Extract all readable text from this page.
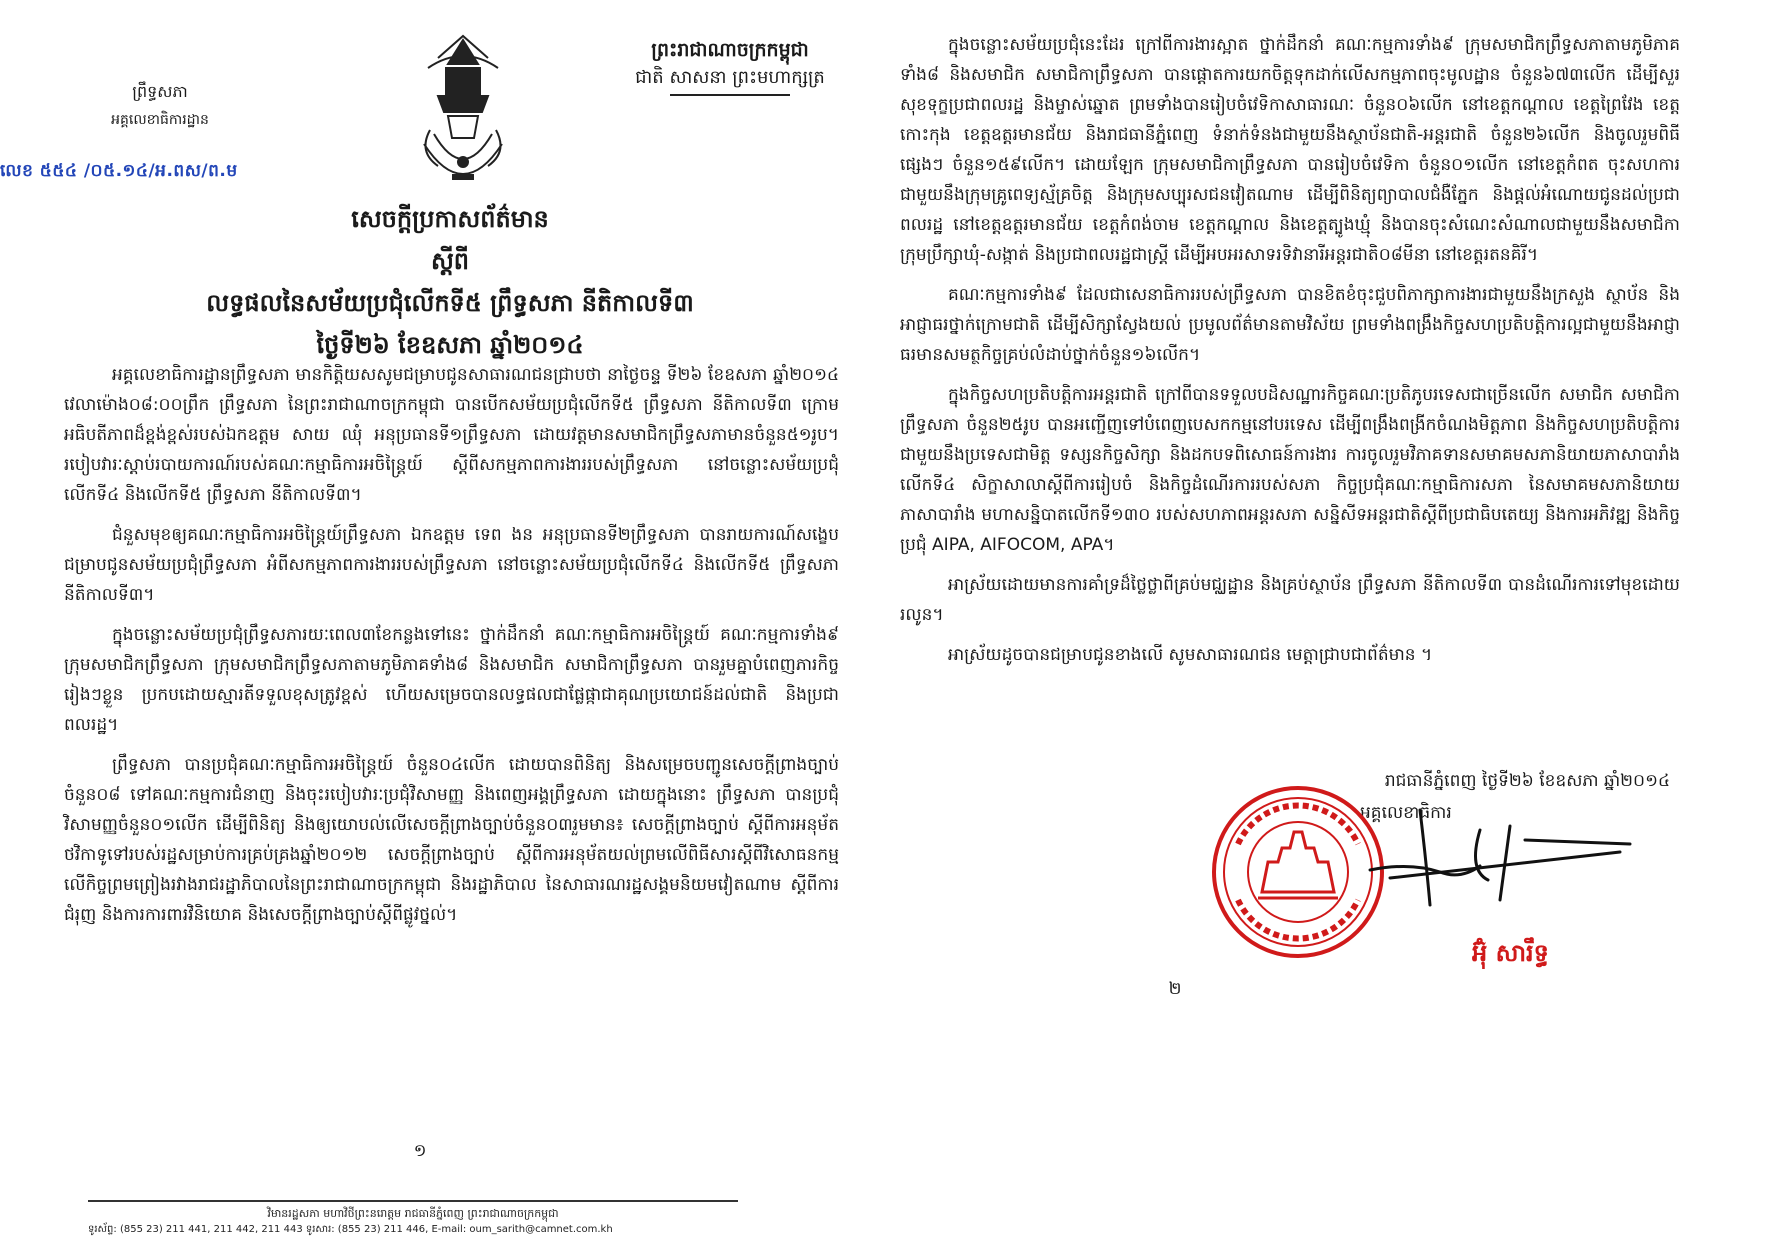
ព្រះរាជាណាចក្រកម្ពុជា
ជាតិ សាសនា ព្រះមហាក្សត្រ
ព្រឹទ្ធសភា
អគ្គលេខាធិការដ្ឋាន
លេខ ៥៥៤ /០៥.១៤/អ.ពស/ព.ម
សេចក្តីប្រកាសព័ត៌មាន
ស្តីពី
លទ្ធផលនៃសម័យប្រជុំលើកទី៥ ព្រឹទ្ធសភា នីតិកាលទី៣
ថ្ងៃទី២៦ ខែឧសភា ឆ្នាំ២០១៤

អគ្គលេខាធិការដ្ឋានព្រឹទ្ធសភា មានកិត្តិយសសូមជម្រាបជូនសាធារណជនជ្រាបថា នាថ្ងៃចន្ទ ទី២៦ ខែឧសភា ឆ្នាំ២០១៤ វេលាម៉ោង០៨:០០ព្រឹក ព្រឹទ្ធសភា នៃព្រះរាជាណាចក្រកម្ពុជា បានបើកសម័យប្រជុំលើកទី៥ ព្រឹទ្ធសភា នីតិកាលទី៣ ក្រោមអធិបតីភាពដ៏ខ្ពង់ខ្ពស់របស់ឯកឧត្តម សាយ ឈុំ អនុប្រធានទី១ព្រឹទ្ធសភា ដោយវត្តមានសមាជិកព្រឹទ្ធសភាមានចំនួន៥១រូប។ របៀបវារៈស្តាប់របាយការណ៍របស់គណៈកម្មាធិការអចិន្ត្រៃយ៍ ស្តីពីសកម្មភាពការងាររបស់ព្រឹទ្ធសភា នៅចន្លោះសម័យប្រជុំលើកទី៤ និងលើកទី៥ ព្រឹទ្ធសភា នីតិកាលទី៣។

ជំនួសមុខឲ្យគណៈកម្មាធិការអចិន្ត្រៃយ៍ព្រឹទ្ធសភា ឯកឧត្តម ទេព ងន អនុប្រធានទី២ព្រឹទ្ធសភា បានរាយការណ៍សង្ខេបជម្រាបជូនសម័យប្រជុំព្រឹទ្ធសភា អំពីសកម្មភាពការងាររបស់ព្រឹទ្ធសភា នៅចន្លោះសម័យប្រជុំលើកទី៤ និងលើកទី៥ ព្រឹទ្ធសភា នីតិកាលទី៣។

ក្នុងចន្លោះសម័យប្រជុំព្រឹទ្ធសភារយៈពេល៣ខែកន្លងទៅនេះ ថ្នាក់ដឹកនាំ គណៈកម្មាធិការអចិន្ត្រៃយ៍ គណៈកម្មការទាំង៩ ក្រុមសមាជិកព្រឹទ្ធសភា ក្រុមសមាជិកព្រឹទ្ធសភាតាមភូមិភាគទាំង៨ និងសមាជិក សមាជិកាព្រឹទ្ធសភា បានរួមគ្នាបំពេញភារកិច្ចរៀងៗខ្លួន ប្រកបដោយស្មារតីទទួលខុសត្រូវខ្ពស់ ហើយសម្រេចបានលទ្ធផលជាផ្លែផ្កាជាគុណប្រយោជន៍ដល់ជាតិ និងប្រជាពលរដ្ឋ។

ព្រឹទ្ធសភា បានប្រជុំគណៈកម្មាធិការអចិន្ត្រៃយ៍ ចំនួន០៤លើក ដោយបានពិនិត្យ និងសម្រេចបញ្ជូនសេចក្តីព្រាងច្បាប់ចំនួន០៨ ទៅគណៈកម្មការជំនាញ និងចុះរបៀបវារៈប្រជុំវិសាមញ្ញ និងពេញអង្គព្រឹទ្ធសភា ដោយក្នុងនោះ ព្រឹទ្ធសភា បានប្រជុំវិសាមញ្ញចំនួន០១លើក ដើម្បីពិនិត្យ និងឲ្យយោបល់លើសេចក្តីព្រាងច្បាប់ចំនួន០៣រួមមាន៖ សេចក្តីព្រាងច្បាប់ ស្តីពីការអនុម័តថវិកាទូទៅរបស់រដ្ឋសម្រាប់ការគ្រប់គ្រងឆ្នាំ២០១២ សេចក្តីព្រាងច្បាប់ ស្តីពីការអនុម័តយល់ព្រមលើពិធីសារស្តីពីវិសោធនកម្មលើកិច្ចព្រមព្រៀងរវាងរាជរដ្ឋាភិបាលនៃព្រះរាជាណាចក្រកម្ពុជា និងរដ្ឋាភិបាល នៃសាធារណរដ្ឋសង្គមនិយមវៀតណាម ស្តីពីការជំរុញ និងការការពារវិនិយោគ និងសេចក្តីព្រាងច្បាប់ស្តីពីផ្លូវថ្នល់។

១
វិមានរដ្ឋសភា មហាវិថីព្រះនរោត្តម រាជធានីភ្នំពេញ ព្រះរាជាណាចក្រកម្ពុជា
ទូរស័ព្ទ: (855 23) 211 441, 211 442, 211 443 ទូរសារ: (855 23) 211 446, E-mail: oum_sarith@camnet.com.kh

ក្នុងចន្លោះសម័យប្រជុំនេះដែរ ក្រៅពីការងារស្អាត ថ្នាក់ដឹកនាំ គណៈកម្មការទាំង៩ ក្រុមសមាជិកព្រឹទ្ធសភាតាមភូមិភាគទាំង៨ និងសមាជិក សមាជិកាព្រឹទ្ធសភា បានផ្តោតការយកចិត្តទុកដាក់លើសកម្មភាពចុះមូលដ្ឋាន ចំនួន៦៧៣លើក ដើម្បីសួរសុខទុក្ខប្រជាពលរដ្ឋ និងម្ចាស់ឆ្នោត ព្រមទាំងបានរៀបចំវេទិកាសាធារណៈ ចំនួន០៦លើក នៅខេត្តកណ្តាល ខេត្តព្រៃវែង ខេត្តកោះកុង ខេត្តឧត្តរមានជ័យ និងរាជធានីភ្នំពេញ ទំនាក់ទំនងជាមួយនឹងស្ថាប័នជាតិ-អន្តរជាតិ ចំនួន២៦លើក និងចូលរួមពិធីផ្សេងៗ ចំនួន១៥៩លើក។ ដោយឡែក ក្រុមសមាជិកាព្រឹទ្ធសភា បានរៀបចំវេទិកា ចំនួន០១លើក នៅខេត្តកំពត ចុះសហការជាមួយនឹងក្រុមគ្រូពេទ្យស្ម័គ្រចិត្ត និងក្រុមសប្បុរសជនវៀតណាម ដើម្បីពិនិត្យព្យាបាលជំងឺភ្នែក និងផ្តល់អំណោយជូនដល់ប្រជាពលរដ្ឋ នៅខេត្តឧត្តរមានជ័យ ខេត្តកំពង់ចាម ខេត្តកណ្តាល និងខេត្តត្បូងឃ្មុំ និងបានចុះសំណេះសំណាលជាមួយនឹងសមាជិកាក្រុមប្រឹក្សាឃុំ-សង្កាត់ និងប្រជាពលរដ្ឋជាស្ត្រី ដើម្បីអបអរសាទរទិវានារីអន្តរជាតិ០៨មីនា នៅខេត្តរតនគិរី។

គណៈកម្មការទាំង៩ ដែលជាសេនាធិការរបស់ព្រឹទ្ធសភា បានខិតខំចុះជួបពិភាក្សាការងារជាមួយនឹងក្រសួង ស្ថាប័ន និងអាជ្ញាធរថ្នាក់ក្រោមជាតិ ដើម្បីសិក្សាស្វែងយល់ ប្រមូលព័ត៌មានតាមវិស័យ ព្រមទាំងពង្រឹងកិច្ចសហប្រតិបត្តិការល្អជាមួយនឹងអាជ្ញាធរមានសមត្ថកិច្ចគ្រប់លំដាប់ថ្នាក់ចំនួន១៦លើក។

ក្នុងកិច្ចសហប្រតិបត្តិការអន្តរជាតិ ក្រៅពីបានទទួលបដិសណ្ឋារកិច្ចគណៈប្រតិភូបរទេសជាច្រើនលើក សមាជិក សមាជិកាព្រឹទ្ធសភា ចំនួន២៥រូប បានអញ្ជើញទៅបំពេញបេសកកម្មនៅបរទេស ដើម្បីពង្រឹងពង្រីកចំណងមិត្តភាព និងកិច្ចសហប្រតិបត្តិការជាមួយនឹងប្រទេសជាមិត្ត ទស្សនកិច្ចសិក្សា និងដកបទពិសោធន៍ការងារ ការចូលរួមវិភាគទានសមាគមសភានិយាយភាសាបារាំងលើកទី៤ សិក្ខាសាលាស្តីពីការរៀបចំ និងកិច្ចដំណើរការរបស់សភា កិច្ចប្រជុំគណៈកម្មាធិការសភា នៃសមាគមសភានិយាយភាសាបារាំង មហាសន្និបាតលើកទី១៣០ របស់សហភាពអន្តរសភា សន្និសីទអន្តរជាតិស្តីពីប្រជាធិបតេយ្យ និងការអភិវឌ្ឍ និងកិច្ចប្រជុំ AIPA, AIFOCOM, APA។

អាស្រ័យដោយមានការគាំទ្រដ៏ថ្លៃថ្លាពីគ្រប់មជ្ឈដ្ឋាន និងគ្រប់ស្ថាប័ន ព្រឹទ្ធសភា នីតិកាលទី៣ បានដំណើរការទៅមុខដោយរលូន។

អាស្រ័យដូចបានជម្រាបជូនខាងលើ សូមសាធារណជន មេត្តាជ្រាបជាព័ត៌មាន ។

រាជធានីភ្នំពេញ ថ្ងៃទី២៦ ខែឧសភា ឆ្នាំ២០១៤
អគ្គលេខាធិការ
អ៊ុំ សារឹទ្ធ
២
